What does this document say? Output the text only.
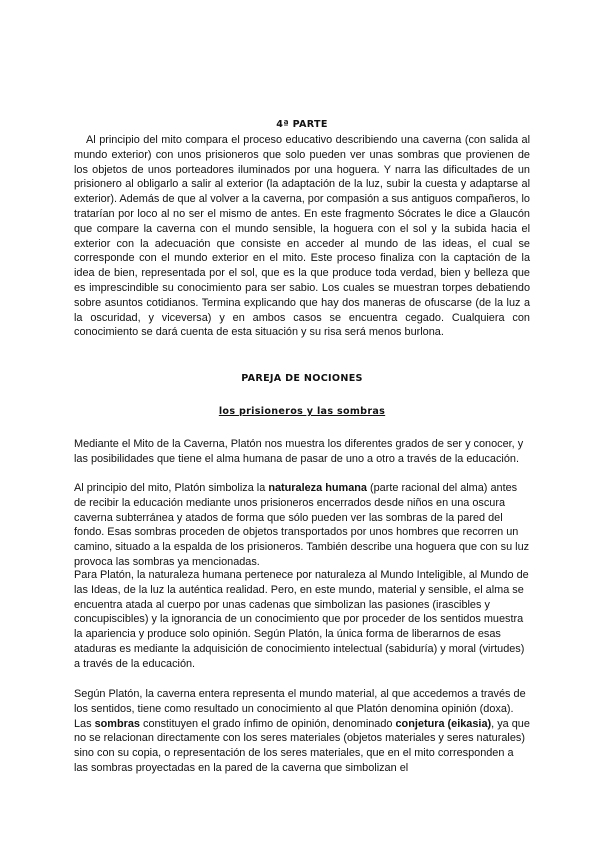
4ª PARTE

Al principio del mito compara el proceso educativo describiendo una caverna (con salida al mundo exterior) con unos prisioneros que solo pueden ver unas sombras que provienen de los objetos de unos porteadores iluminados por una hoguera. Y narra las dificultades de un prisionero al obligarlo a salir al exterior (la adaptación de la luz, subir la cuesta y adaptarse al exterior). Además de que al volver a la caverna, por compasión a sus antiguos compañeros, lo tratarían por loco al no ser el mismo de antes. En este fragmento Sócrates le dice a Glaucón que compare la caverna con el mundo sensible, la hoguera con el sol y la subida hacia el exterior con la adecuación que consiste en acceder al mundo de las ideas, el cual se corresponde con el mundo exterior en el mito. Este proceso finaliza con la captación de la idea de bien, representada por el sol, que es la que produce toda verdad, bien y belleza que es imprescindible su conocimiento para ser sabio. Los cuales se muestran torpes debatiendo sobre asuntos cotidianos. Termina explicando que hay dos maneras de ofuscarse (de la luz a la oscuridad, y viceversa) y en ambos casos se encuentra cegado. Cualquiera con conocimiento se dará cuenta de esta situación y su risa será menos burlona.

PAREJA DE NOCIONES
los prisioneros y las sombras

Mediante el Mito de la Caverna, Platón nos muestra los diferentes grados de ser y conocer, y las posibilidades que tiene el alma humana de pasar de uno a otro a través de la educación.

Al principio del mito, Platón simboliza la naturaleza humana (parte racional del alma) antes de recibir la educación mediante unos prisioneros encerrados desde niños en una oscura caverna subterránea y atados de forma que sólo pueden ver las sombras de la pared del fondo. Esas sombras proceden de objetos transportados por unos hombres que recorren un camino, situado a la espalda de los prisioneros. También describe una hoguera que con su luz provoca las sombras ya mencionadas.

Para Platón, la naturaleza humana pertenece por naturaleza al Mundo Inteligible, al Mundo de las Ideas, de la luz la auténtica realidad. Pero, en este mundo, material y sensible, el alma se encuentra atada al cuerpo por unas cadenas que simbolizan las pasiones (irascibles y concupiscibles) y la ignorancia de un conocimiento que por proceder de los sentidos muestra la apariencia y produce solo opinión. Según Platón, la única forma de liberarnos de esas ataduras es mediante la adquisición de conocimiento intelectual (sabiduría) y moral (virtudes) a través de la educación.

Según Platón, la caverna entera representa el mundo material, al que accedemos a través de los sentidos, tiene como resultado un conocimiento al que Platón denomina opinión (doxa). Las sombras constituyen el grado ínfimo de opinión, denominado conjetura (eikasia), ya que no se relacionan directamente con los seres materiales (objetos materiales y seres naturales) sino con su copia, o representación de los seres materiales, que en el mito corresponden a las sombras proyectadas en la pared de la caverna que simbolizan el
